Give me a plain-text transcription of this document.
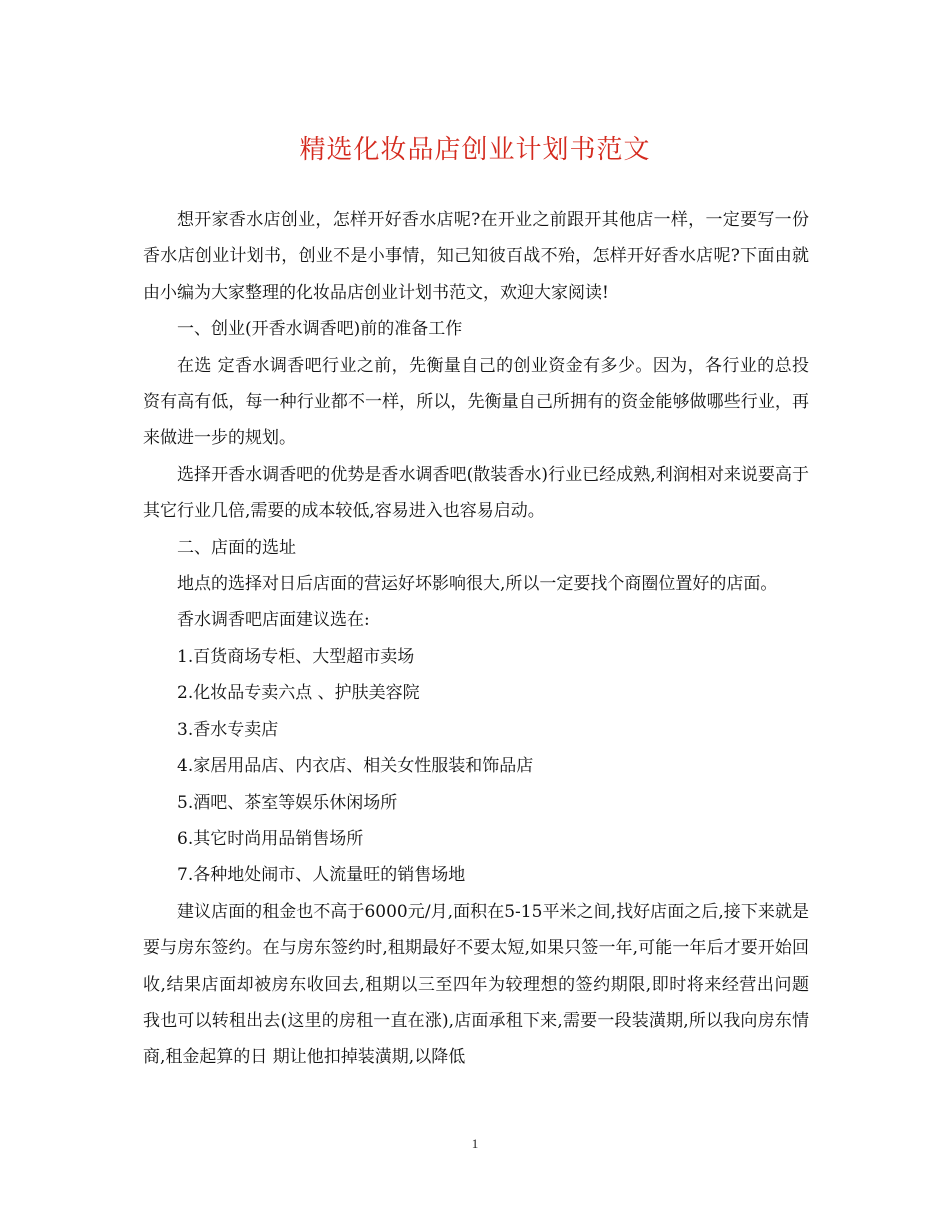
精选化妆品店创业计划书范文

想开家香水店创业，怎样开好香水店呢?在开业之前跟开其他店一样，一定要写一份香水店创业计划书，创业不是小事情，知己知彼百战不殆，怎样开好香水店呢?下面由就由小编为大家整理的化妆品店创业计划书范文，欢迎大家阅读!

一、创业(开香水调香吧)前的准备工作

在选 定香水调香吧行业之前，先衡量自己的创业资金有多少。因为，各行业的总投资有高有低，每一种行业都不一样，所以，先衡量自己所拥有的资金能够做哪些行业，再来做进一步的规划。

选择开香水调香吧的优势是香水调香吧(散装香水)行业已经成熟,利润相对来说要高于其它行业几倍,需要的成本较低,容易进入也容易启动。

二、店面的选址

地点的选择对日后店面的营运好坏影响很大,所以一定要找个商圈位置好的店面。

香水调香吧店面建议选在:

1.百货商场专柜、大型超市卖场

2.化妆品专卖六点 、护肤美容院

3.香水专卖店

4.家居用品店、内衣店、相关女性服装和饰品店

5.酒吧、茶室等娱乐休闲场所

6.其它时尚用品销售场所

7.各种地处闹市、人流量旺的销售场地

建议店面的租金也不高于6000元/月,面积在5-15平米之间,找好店面之后,接下来就是要与房东签约。在与房东签约时,租期最好不要太短,如果只签一年,可能一年后才要开始回收,结果店面却被房东收回去,租期以三至四年为较理想的签约期限,即时将来经营出问题 我也可以转租出去(这里的房租一直在涨),店面承租下来,需要一段装潢期,所以我向房东情商,租金起算的日 期让他扣掉装潢期,以降低

1
